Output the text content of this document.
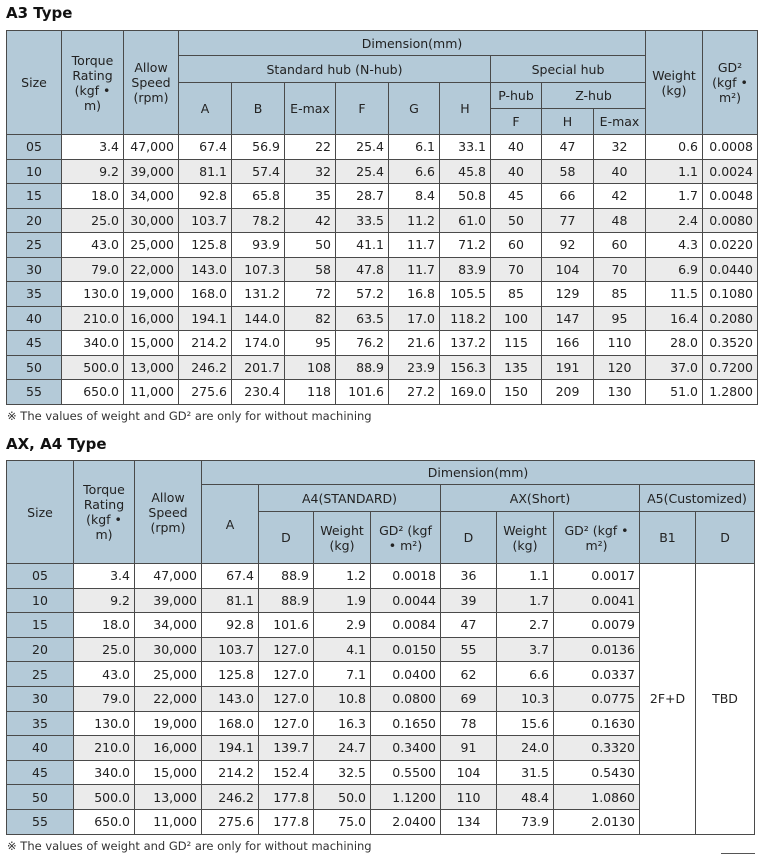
A3 Type
Size	Torque Rating (kgf • m)	Allow Speed (rpm)	Dimension(mm)									Weight (kg)	GD² (kgf • m²)
			Standard hub (N-hub)						Special hub				
			A	B	E-max	F	G	H	P-hub	Z-hub			
									F	H	E-max		
05	3.4	47,000	67.4	56.9	22	25.4	6.1	33.1	40	47	32	0.6	0.0008
10	9.2	39,000	81.1	57.4	32	25.4	6.6	45.8	40	58	40	1.1	0.0024
15	18.0	34,000	92.8	65.8	35	28.7	8.4	50.8	45	66	42	1.7	0.0048
20	25.0	30,000	103.7	78.2	42	33.5	11.2	61.0	50	77	48	2.4	0.0080
25	43.0	25,000	125.8	93.9	50	41.1	11.7	71.2	60	92	60	4.3	0.0220
30	79.0	22,000	143.0	107.3	58	47.8	11.7	83.9	70	104	70	6.9	0.0440
35	130.0	19,000	168.0	131.2	72	57.2	16.8	105.5	85	129	85	11.5	0.1080
40	210.0	16,000	194.1	144.0	82	63.5	17.0	118.2	100	147	95	16.4	0.2080
45	340.0	15,000	214.2	174.0	95	76.2	21.6	137.2	115	166	110	28.0	0.3520
50	500.0	13,000	246.2	201.7	108	88.9	23.9	156.3	135	191	120	37.0	0.7200
55	650.0	11,000	275.6	230.4	118	101.6	27.2	169.0	150	209	130	51.0	1.2800
※ The values of weight and GD² are only for without machining
AX, A4 Type
Size	Torque Rating (kgf • m)	Allow Speed (rpm)	Dimension(mm)								
			A	A4(STANDARD)			AX(Short)			A5(Customized)	
				D	Weight (kg)	GD² (kgf • m²)	D	Weight (kg)	GD² (kgf • m²)	B1	D
05	3.4	47,000	67.4	88.9	1.2	0.0018	36	1.1	0.0017	2F+D	TBD
10	9.2	39,000	81.1	88.9	1.9	0.0044	39	1.7	0.0041		
15	18.0	34,000	92.8	101.6	2.9	0.0084	47	2.7	0.0079		
20	25.0	30,000	103.7	127.0	4.1	0.0150	55	3.7	0.0136		
25	43.0	25,000	125.8	127.0	7.1	0.0400	62	6.6	0.0337		
30	79.0	22,000	143.0	127.0	10.8	0.0800	69	10.3	0.0775		
35	130.0	19,000	168.0	127.0	16.3	0.1650	78	15.6	0.1630		
40	210.0	16,000	194.1	139.7	24.7	0.3400	91	24.0	0.3320		
45	340.0	15,000	214.2	152.4	32.5	0.5500	104	31.5	0.5430		
50	500.0	13,000	246.2	177.8	50.0	1.1200	110	48.4	1.0860		
55	650.0	11,000	275.6	177.8	75.0	2.0400	134	73.9	2.0130		
※ The values of weight and GD² are only for without machining
